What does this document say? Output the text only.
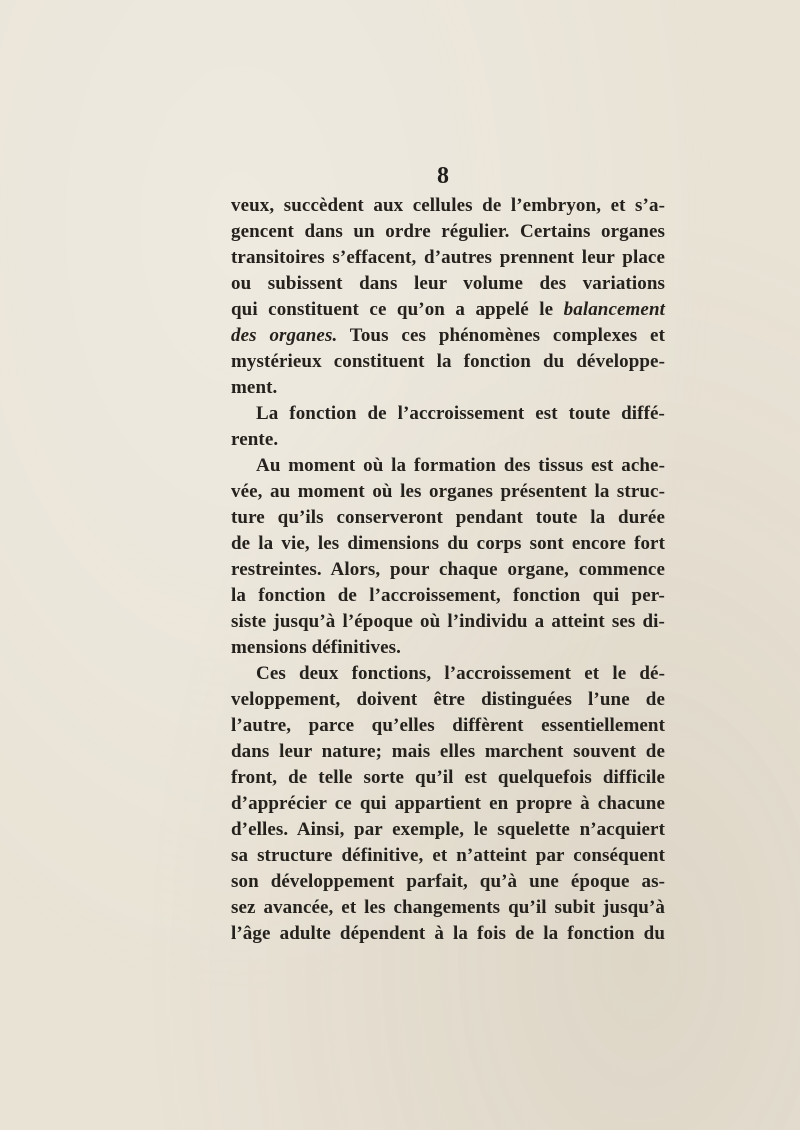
8
veux, succèdent aux cellules de l’embryon, et s’a-
gencent dans un ordre régulier. Certains organes
transitoires s’effacent, d’autres prennent leur place
ou subissent dans leur volume des variations
qui constituent ce qu’on a appelé le balancement
des organes. Tous ces phénomènes complexes et
mystérieux constituent la fonction du développe-
ment.
La fonction de l’accroissement est toute diffé-
rente.
Au moment où la formation des tissus est ache-
vée, au moment où les organes présentent la struc-
ture qu’ils conserveront pendant toute la durée
de la vie, les dimensions du corps sont encore fort
restreintes. Alors, pour chaque organe, commence
la fonction de l’accroissement, fonction qui per-
siste jusqu’à l’époque où l’individu a atteint ses di-
mensions définitives.
Ces deux fonctions, l’accroissement et le dé-
veloppement, doivent être distinguées l’une de
l’autre, parce qu’elles diffèrent essentiellement
dans leur nature; mais elles marchent souvent de
front, de telle sorte qu’il est quelquefois difficile
d’apprécier ce qui appartient en propre à chacune
d’elles. Ainsi, par exemple, le squelette n’acquiert
sa structure définitive, et n’atteint par conséquent
son développement parfait, qu’à une époque as-
sez avancée, et les changements qu’il subit jusqu’à
l’âge adulte dépendent à la fois de la fonction du
